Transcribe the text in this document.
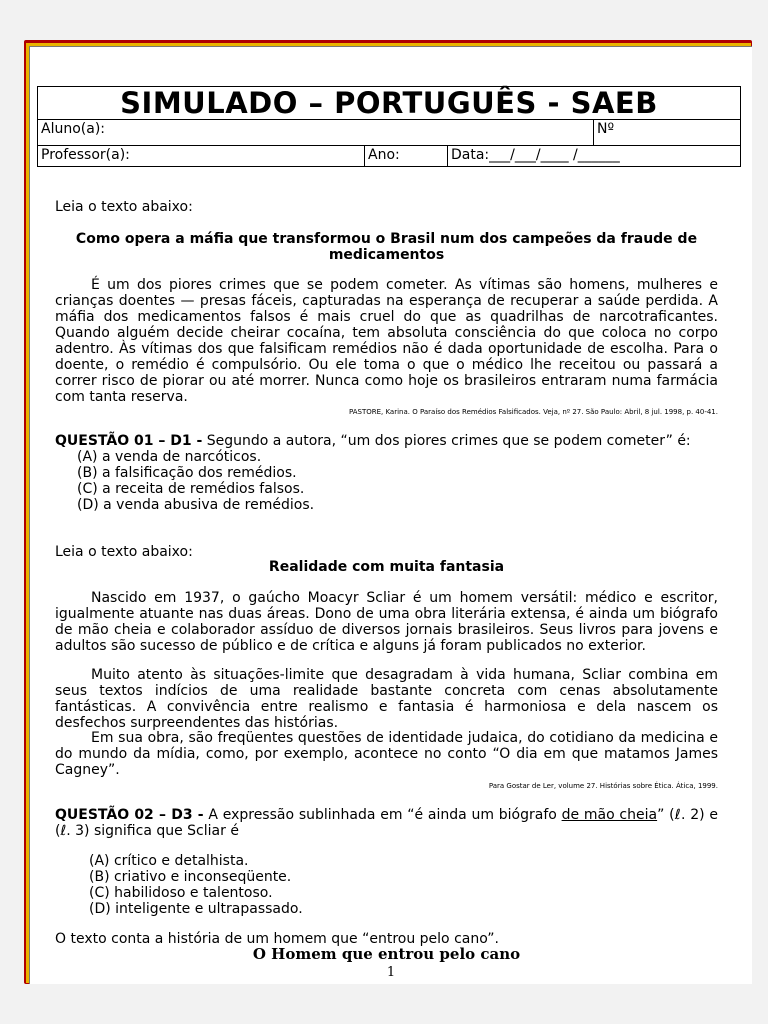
SIMULADO – PORTUGUÊS - SAEB			
Aluno(a):			Nº
Professor(a):	Ano:	Data:___/___/____ /______	
Leia o texto abaixo:
Como opera a máfia que transformou o Brasil num dos campeões da fraude de medicamentos
É um dos piores crimes que se podem cometer. As vítimas são homens, mulheres e crianças doentes — presas fáceis, capturadas na esperança de recuperar a saúde perdida. A máfia dos medicamentos falsos é mais cruel do que as quadrilhas de narcotraficantes. Quando alguém decide cheirar cocaína, tem absoluta consciência do que coloca no corpo adentro. Às vítimas dos que falsificam remédios não é dada oportunidade de escolha. Para o doente, o remédio é compulsório. Ou ele toma o que o médico lhe receitou ou passará a correr risco de piorar ou até morrer. Nunca como hoje os brasileiros entraram numa farmácia com tanta reserva.
PASTORE, Karina. O Paraíso dos Remédios Falsificados. Veja, nº 27. São Paulo: Abril, 8 jul. 1998, p. 40-41.
QUESTÃO 01 – D1 - Segundo a autora, “um dos piores crimes que se podem cometer” é:
(A) a venda de narcóticos.
(B) a falsificação dos remédios.
(C) a receita de remédios falsos.
(D) a venda abusiva de remédios.
Leia o texto abaixo:
Realidade com muita fantasia
Nascido em 1937, o gaúcho Moacyr Scliar é um homem versátil: médico e escritor, igualmente atuante nas duas áreas. Dono de uma obra literária extensa, é ainda um biógrafo de mão cheia e colaborador assíduo de diversos jornais brasileiros. Seus livros para jovens e adultos são sucesso de público e de crítica e alguns já foram publicados no exterior.
Muito atento às situações-limite que desagradam à vida humana, Scliar combina em seus textos indícios de uma realidade bastante concreta com cenas absolutamente fantásticas. A convivência entre realismo e fantasia é harmoniosa e dela nascem os desfechos surpreendentes das histórias.
Em sua obra, são freqüentes questões de identidade judaica, do cotidiano da medicina e do mundo da mídia, como, por exemplo, acontece no conto “O dia em que matamos James Cagney”.
Para Gostar de Ler, volume 27. Histórias sobre Ética. Ática, 1999.
QUESTÃO 02 – D3 - A expressão sublinhada em “é ainda um biógrafo de mão cheia” (ℓ. 2) e (ℓ. 3) significa que Scliar é
(A) crítico e detalhista.
(B) criativo e inconseqüente.
(C) habilidoso e talentoso.
(D) inteligente e ultrapassado.
O texto conta a história de um homem que “entrou pelo cano”.
O Homem que entrou pelo cano
1
